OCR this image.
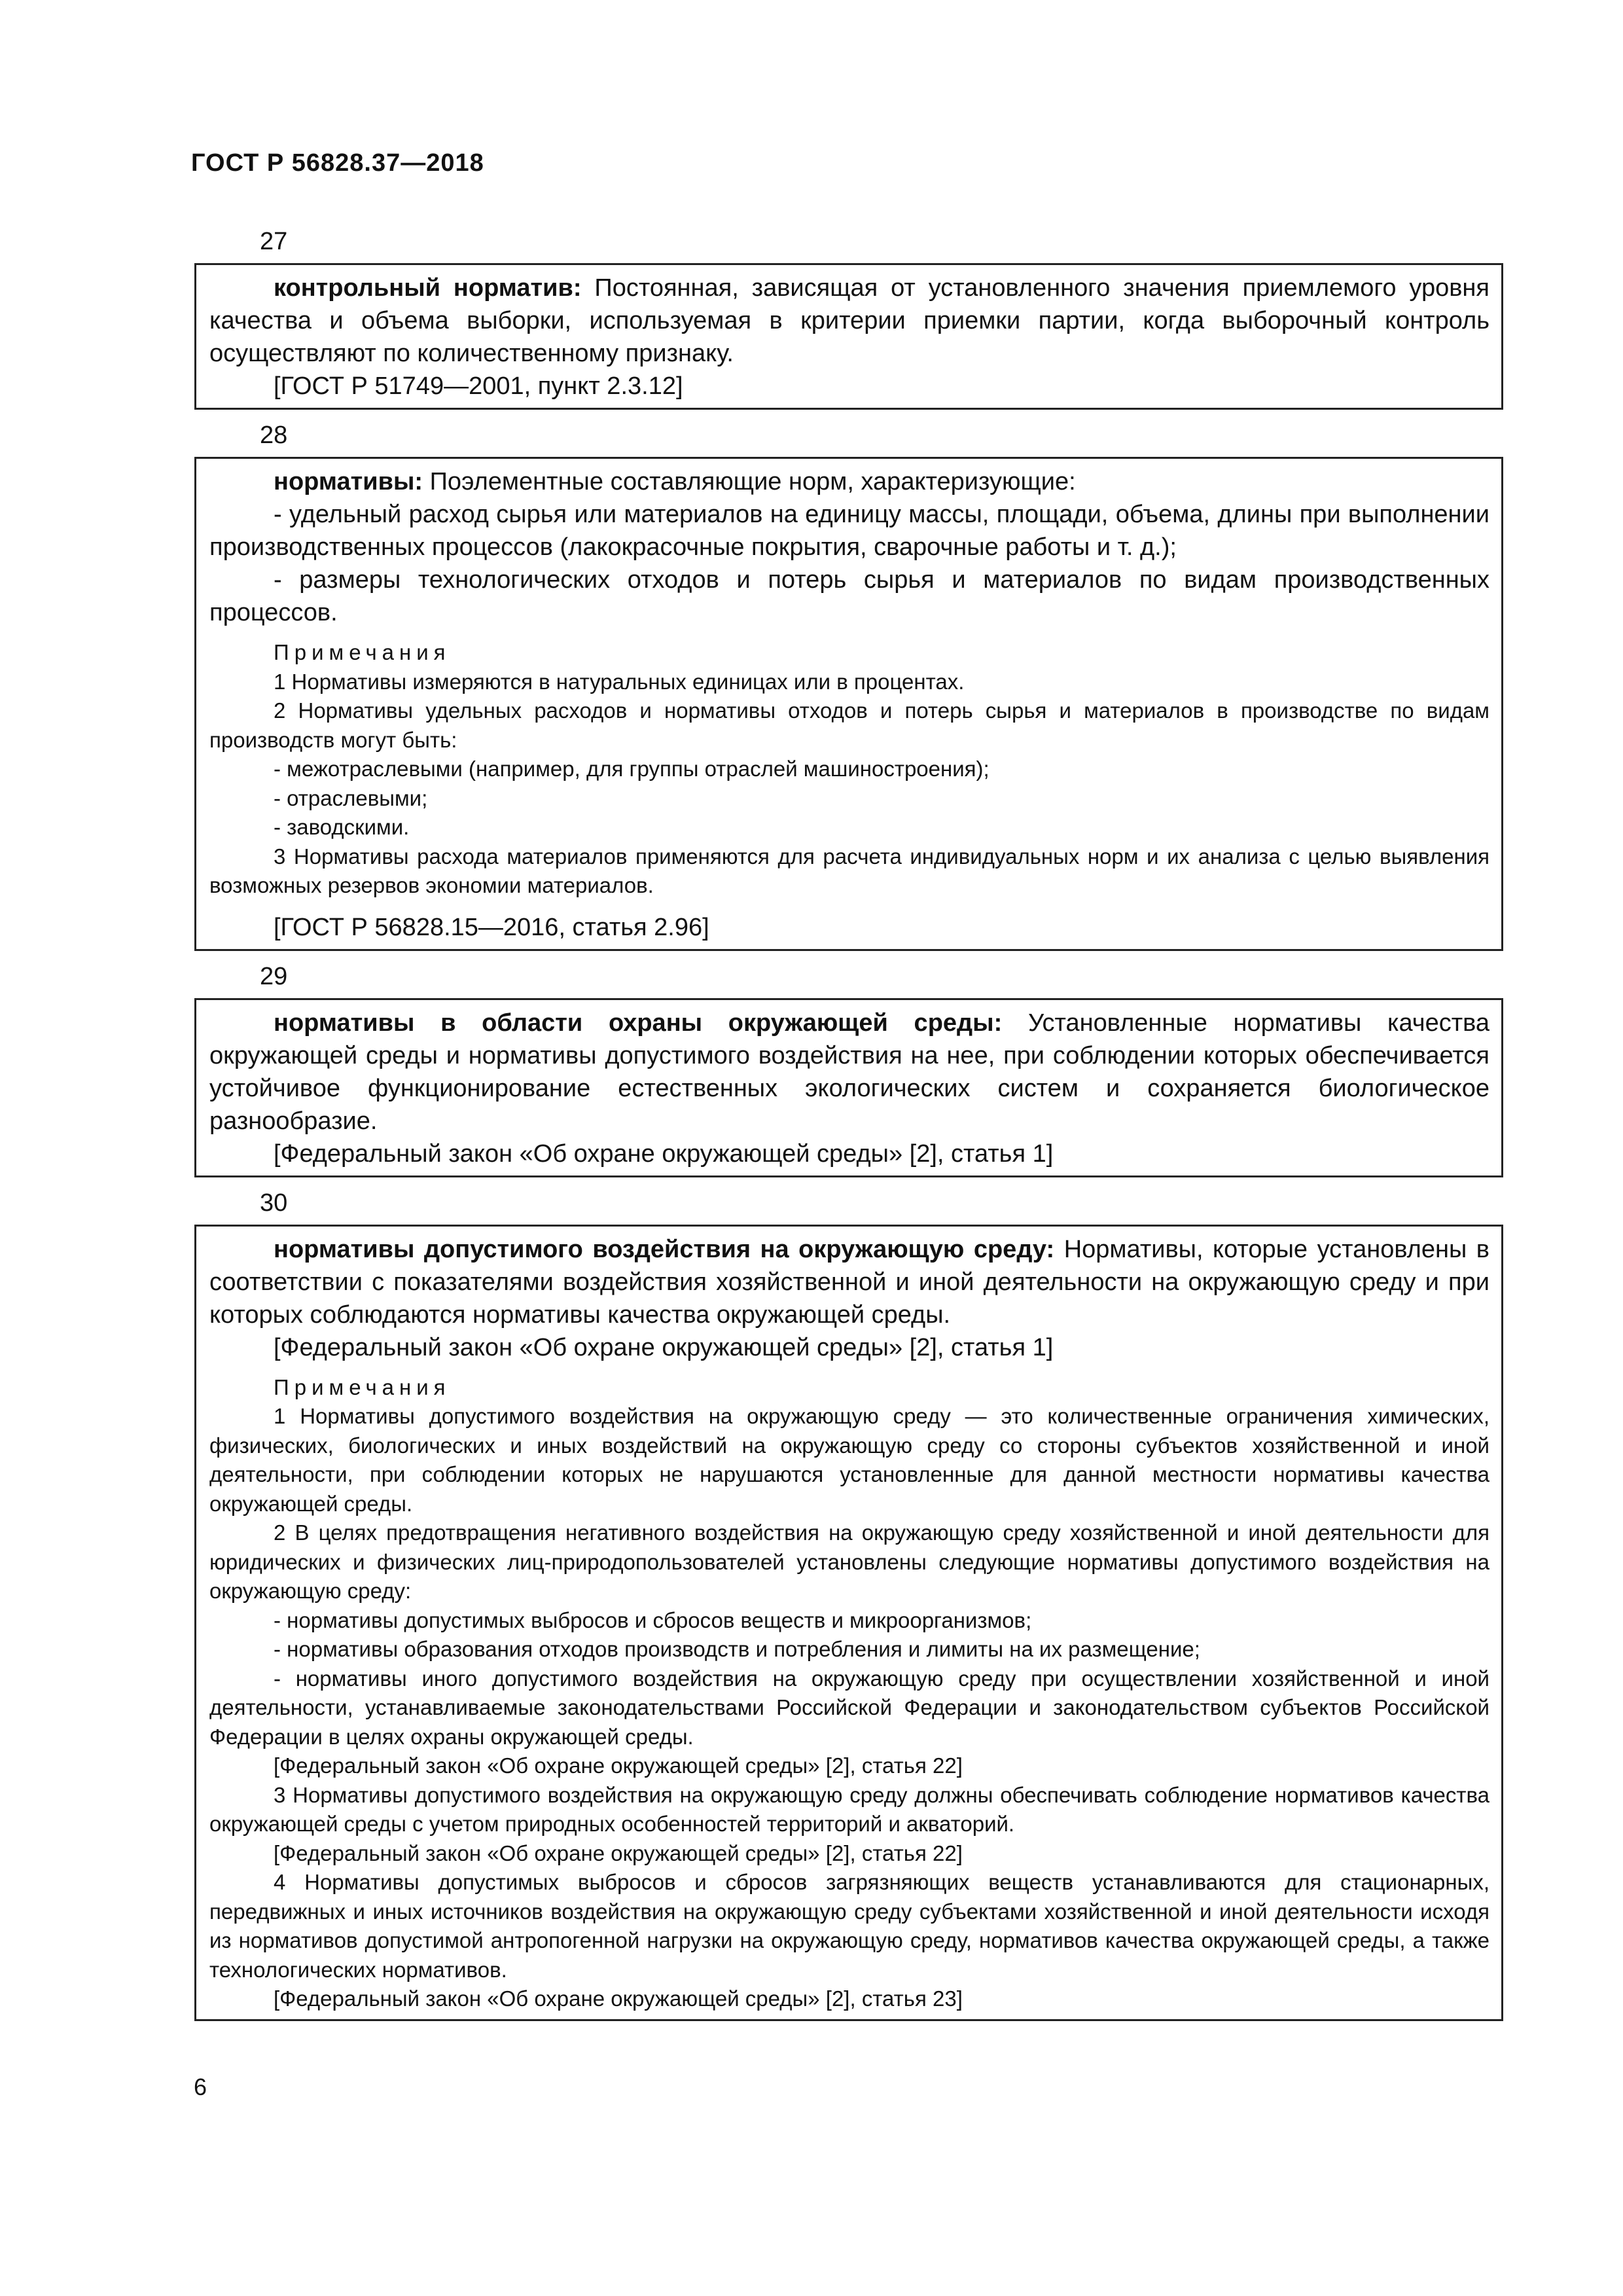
ГОСТ Р 56828.37—2018
27

контрольный норматив: Постоянная, зависящая от установленного значения приемлемого уровня качества и объема выборки, используемая в критерии приемки партии, когда выборочный контроль осуществляют по количественному признаку.

[ГОСТ Р 51749—2001, пункт 2.3.12]

28

нормативы: Поэлементные составляющие норм, характеризующие:

- удельный расход сырья или материалов на единицу массы, площади, объема, длины при выполнении производственных процессов (лакокрасочные покрытия, сварочные работы и т. д.);

- размеры технологических отходов и потерь сырья и материалов по видам производственных процессов.

Примечания

1 Нормативы измеряются в натуральных единицах или в процентах.

2 Нормативы удельных расходов и нормативы отходов и потерь сырья и материалов в производстве по видам производств могут быть:

- межотраслевыми (например, для группы отраслей машиностроения);

- отраслевыми;

- заводскими.

3 Нормативы расхода материалов применяются для расчета индивидуальных норм и их анализа с целью выявления возможных резервов экономии материалов.

[ГОСТ Р 56828.15—2016, статья 2.96]

29

нормативы в области охраны окружающей среды: Установленные нормативы качества окружающей среды и нормативы допустимого воздействия на нее, при соблюдении которых обеспечивается устойчивое функционирование естественных экологических систем и сохраняется биологическое разнообразие.

[Федеральный закон «Об охране окружающей среды» [2], статья 1]

30

нормативы допустимого воздействия на окружающую среду: Нормативы, которые установлены в соответствии с показателями воздействия хозяйственной и иной деятельности на окружающую среду и при которых соблюдаются нормативы качества окружающей среды.

[Федеральный закон «Об охране окружающей среды» [2], статья 1]

Примечания

1 Нормативы допустимого воздействия на окружающую среду — это количественные ограничения химических, физических, биологических и иных воздействий на окружающую среду со стороны субъектов хозяйственной и иной деятельности, при соблюдении которых не нарушаются установленные для данной местности нормативы качества окружающей среды.

2 В целях предотвращения негативного воздействия на окружающую среду хозяйственной и иной деятельности для юридических и физических лиц-природопользователей установлены следующие нормативы допустимого воздействия на окружающую среду:

- нормативы допустимых выбросов и сбросов веществ и микроорганизмов;

- нормативы образования отходов производств и потребления и лимиты на их размещение;

- нормативы иного допустимого воздействия на окружающую среду при осуществлении хозяйственной и иной деятельности, устанавливаемые законодательствами Российской Федерации и законодательством субъектов Российской Федерации в целях охраны окружающей среды.

[Федеральный закон «Об охране окружающей среды» [2], статья 22]

3 Нормативы допустимого воздействия на окружающую среду должны обеспечивать соблюдение нормативов качества окружающей среды с учетом природных особенностей территорий и акваторий.

[Федеральный закон «Об охране окружающей среды» [2], статья 22]

4 Нормативы допустимых выбросов и сбросов загрязняющих веществ устанавливаются для стационарных, передвижных и иных источников воздействия на окружающую среду субъектами хозяйственной и иной деятельности исходя из нормативов допустимой антропогенной нагрузки на окружающую среду, нормативов качества окружающей среды, а также технологических нормативов.

[Федеральный закон «Об охране окружающей среды» [2], статья 23]

6
